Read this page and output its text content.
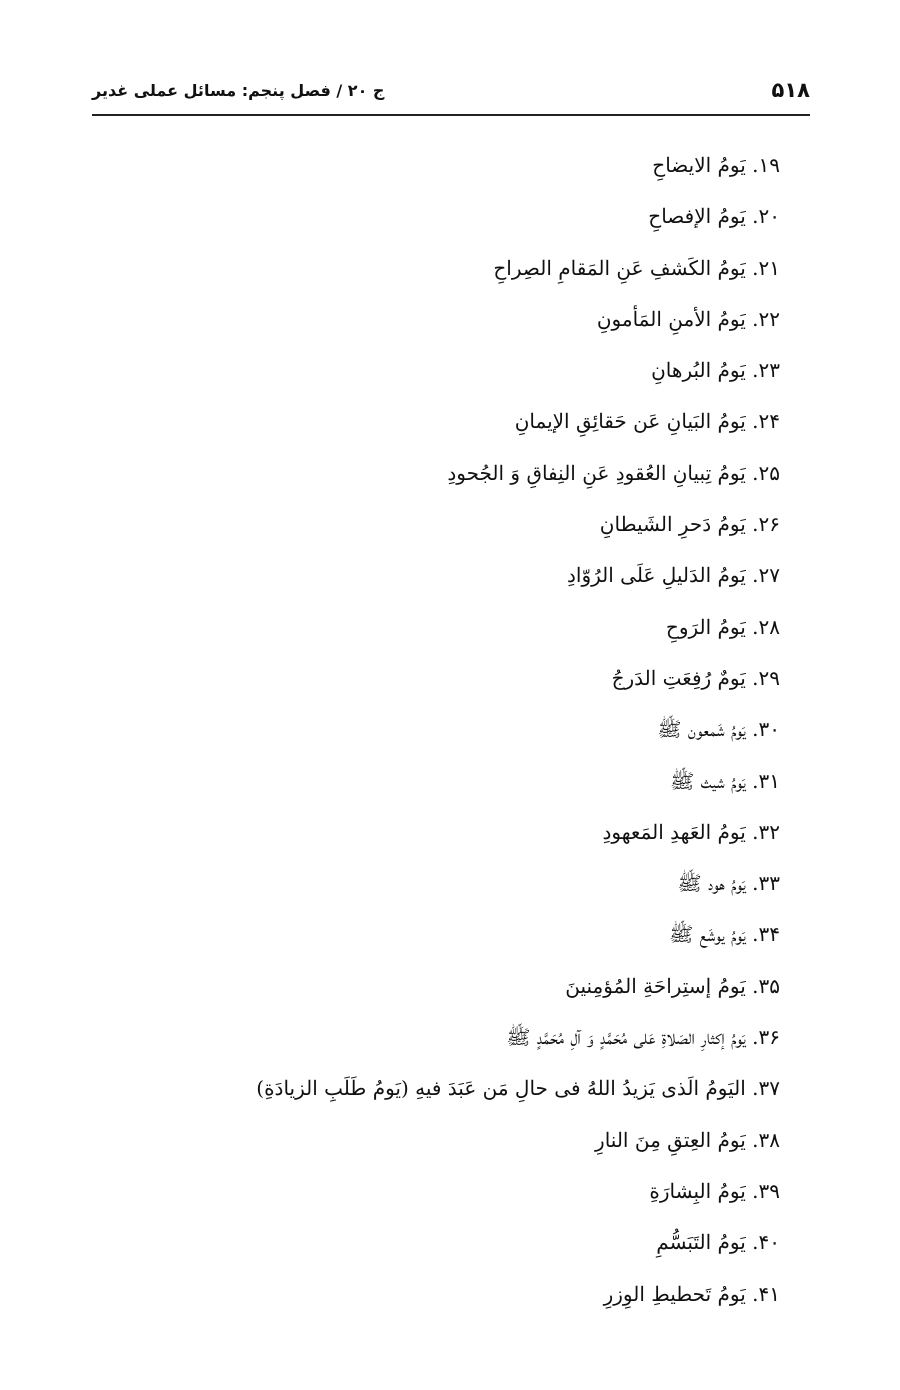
۵۱۸
ج ۲۰ / فصل پنجم: مسائل عملی غدیر
۱۹. يَومُ الايضاحِ
۲۰. يَومُ الإفصاحِ
۲۱. يَومُ الكَشفِ عَنِ المَقامِ الصِراحِ
۲۲. يَومُ الأمنِ المَأمونِ
۲۳. يَومُ البُرهانِ
۲۴. يَومُ البَيانِ عَن حَقائِقِ الإيمانِ
۲۵. يَومُ تِبيانِ العُقودِ عَنِ النِفاقِ وَ الجُحودِ
۲۶. يَومُ دَحرِ الشَيطانِ
۲۷. يَومُ الدَليلِ عَلَى الرُوّادِ
۲۸. يَومُ الرَوحِ
۲۹. يَومٌ رُفِعَتِ الدَرجُ
۳۰. يَومُ شَمعون ﷺ
۳۱. يَومُ شيث ﷺ
۳۲. يَومُ العَهدِ المَعهودِ
۳۳. يَومُ هود ﷺ
۳۴. يَومُ يوشَع ﷺ
۳۵. يَومُ إستِراحَةِ المُؤمِنينَ
۳۶. يَومُ إكثارِ الصَلاةِ عَلى مُحَمَّدٍ وَ آلِ مُحَمَّدٍ ﷺ
۳۷. اليَومُ الَذى يَزيدُ اللهُ فى حالِ مَن عَبَدَ فيهِ (يَومُ طَلَبِ الزيادَةِ)
۳۸. يَومُ العِتقِ مِنَ النارِ
۳۹. يَومُ البِشارَةِ
۴۰. يَومُ التَبَسُّمِ
۴۱. يَومُ تَحطيطِ الوِزرِ
